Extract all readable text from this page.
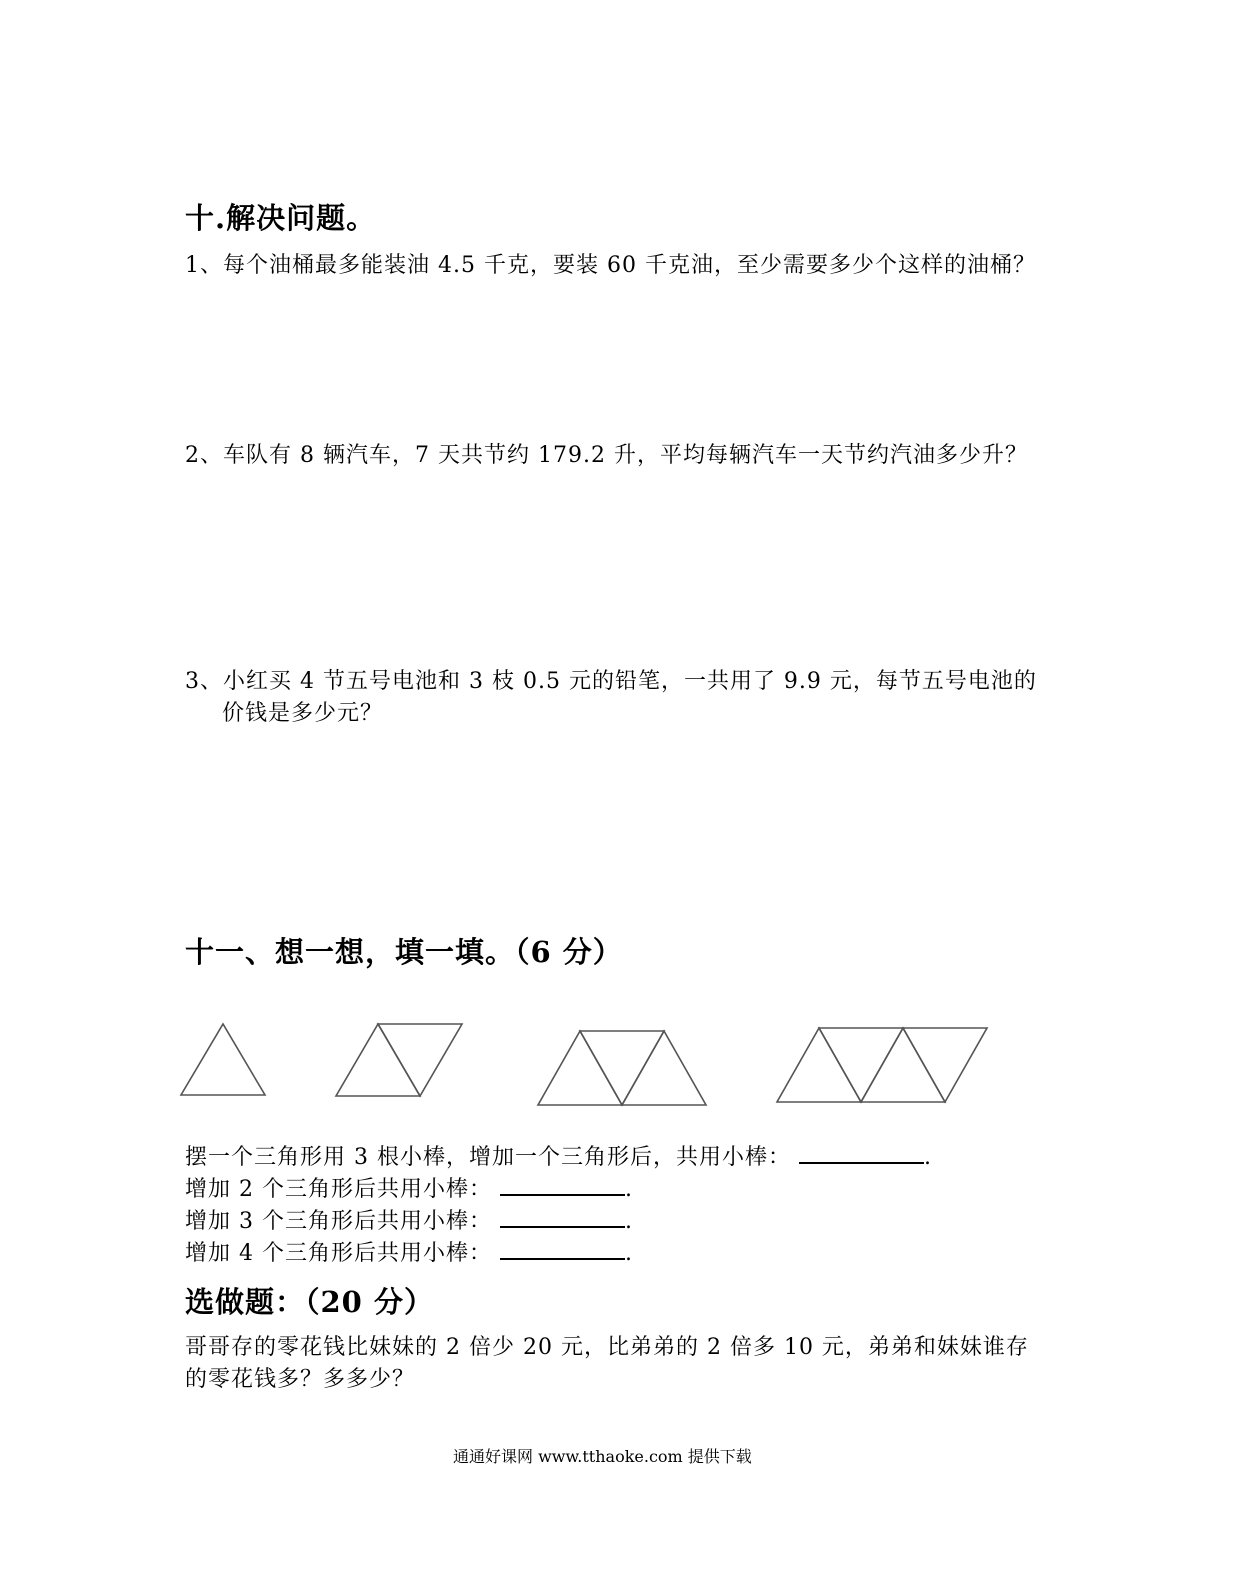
十.解决问题。
1、每个油桶最多能装油 4.5 千克，要装 60 千克油，至少需要多少个这样的油桶？
2、车队有 8 辆汽车，7 天共节约 179.2 升，平均每辆汽车一天节约汽油多少升？
3、小红买 4 节五号电池和 3 枝 0.5 元的铅笔，一共用了 9.9 元，每节五号电池的
价钱是多少元？
十一、想一想，填一填。（6 分）
摆一个三角形用 3 根小棒，增加一个三角形后，共用小棒：	.
增加 2 个三角形后共用小棒：	.
增加 3 个三角形后共用小棒：	.
增加 4 个三角形后共用小棒：	.
选做题：（20 分）
哥哥存的零花钱比妹妹的 2 倍少 20 元，比弟弟的 2 倍多 10 元，弟弟和妹妹谁存
的零花钱多？多多少？
通通好课网 www.tthaoke.com 提供下载
